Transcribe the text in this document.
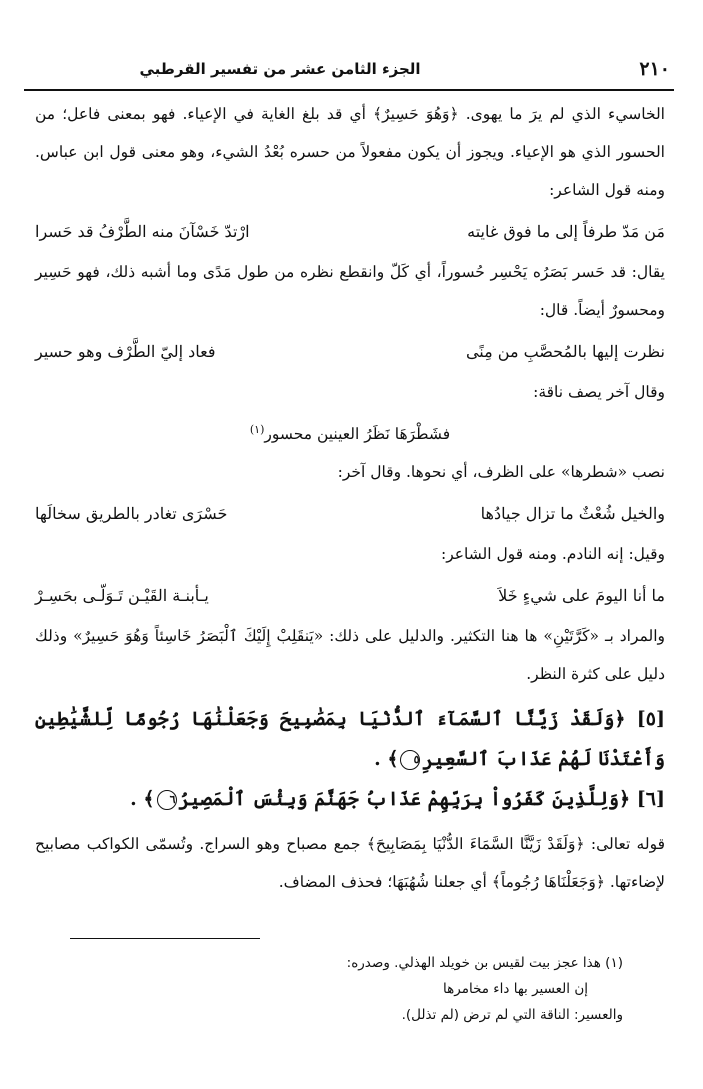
٢١٠
الجزء الثامن عشر من تفسير القرطبي

الخاسيء الذي لم يرَ ما يهوى. ﴿وَهُوَ حَسِيرٌ﴾ أي قد بلغ الغاية في الإعياء. فهو بمعنى فاعل؛ من الحسور الذي هو الإعياء. ويجوز أن يكون مفعولاً من حسره بُعْدُ الشيء، وهو معنى قول ابن عباس. ومنه قول الشاعر:

مَن مَدّ طرفاً إلى ما فوق غايته
ارْتدّ خَسْآنَ منه الطَّرْفُ قد حَسرا

يقال: قد حَسر بَصَرُه يَحْسِر حُسوراً، أي كَلّ وانقطع نظره من طول مَدًى وما أشبه ذلك، فهو حَسِير ومحسورٌ أيضاً. قال:

نظرت إليها بالمُحصَّبِ من مِنًى
فعاد إليّ الطَّرْف وهو حسير

وقال آخر يصف ناقة:

فشَطْرَهَا نَظَرُ العينين محسور$^{(١)}$

نصب «شطرها» على الظرف، أي نحوها. وقال آخر:

والخيل شُعْثٌ ما تزال جيادُها
حَسْرَى تغادر بالطريق سخالَها

وقيل: إنه النادم. ومنه قول الشاعر:

ما أنا اليومَ على شيءٍ خَلاَ
يـأبنـة القَيْـن تَـوَلّـى بحَسِـرْ

والمراد بـ «كَرَّتَيْنِ» ها هنا التكثير. والدليل على ذلك: «يَنقَلِبْ إِلَيْكَ ٱلْبَصَرُ خَاسِئاً وَهُوَ حَسِيرٌ» وذلك دليل على كثرة النظر.

[٥] ﴿وَلَقَدْ زَيَّنَّا ٱلسَّمَآءَ ٱلدُّنْيَا بِمَصَٰبِيحَ وَجَعَلْنَٰهَا رُجُومًا لِّلشَّيَٰطِينِ وَأَعْتَدْنَا لَهُمْ عَذَابَ ٱلسَّعِيرِ٥﴾ .

[٦] ﴿وَلِلَّذِينَ كَفَرُواْ بِرَبِّهِمْ عَذَابُ جَهَنَّمَ وَبِئْسَ ٱلْمَصِيرُ٦﴾ .

قوله تعالى: ﴿وَلَقَدْ زَيَّنَّا السَّمَاءَ الدُّنْيَا بِمَصَابِيحَ﴾ جمع مصباح وهو السراج. وتُسمّى الكواكب مصابيح لإضاءتها. ﴿وَجَعَلْنَاهَا رُجُوماً﴾ أي جعلنا شُهُبَهَا؛ فحذف المضاف.

(١) هذا عجز بيت لقيس بن خويلد الهذلي. وصدره:
إن العسير بها داء مخامرها
والعسير: الناقة التي لم ترض (لم تذلل).
